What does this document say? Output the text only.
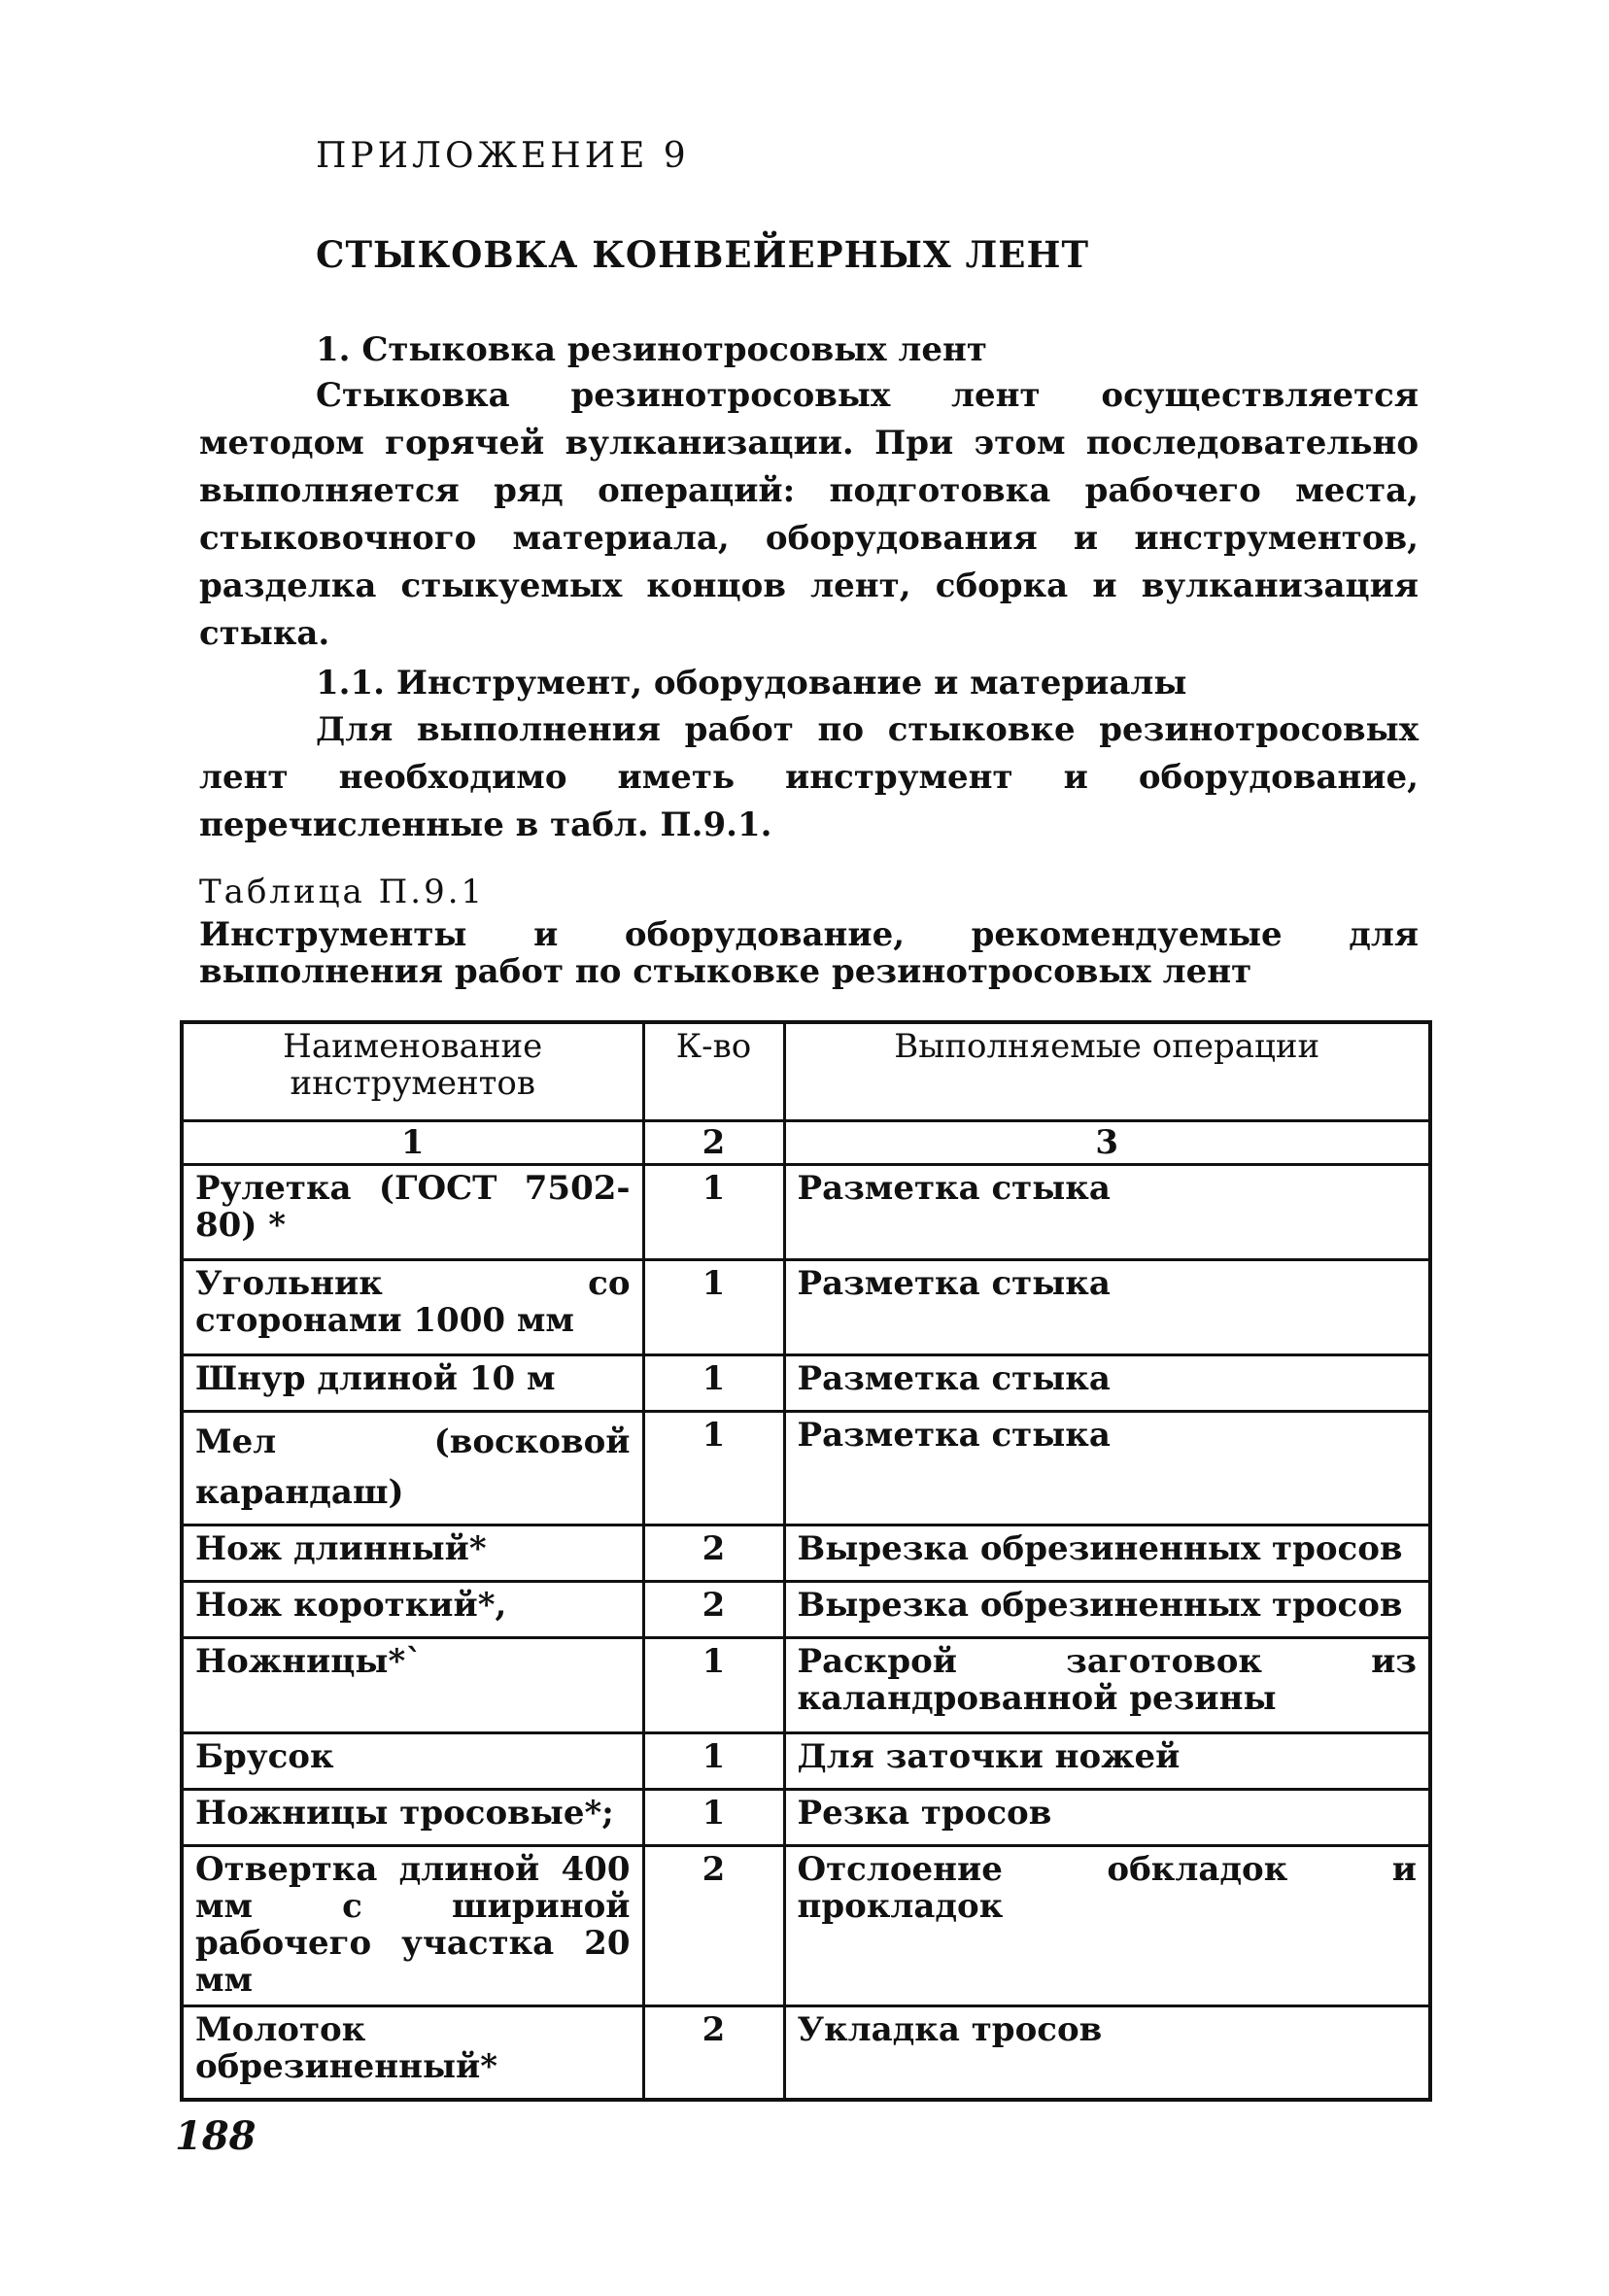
ПРИЛОЖЕНИЕ 9
СТЫКОВКА КОНВЕЙЕРНЫХ ЛЕНТ
1. Стыковка резинотросовых лент

Стыковка резинотросовых лент осуществляется методом горячей вулканизации. При этом последовательно выполняется ряд операций: подготовка рабочего места, стыковочного материала, оборудования и инструментов, разделка стыкуемых концов лент, сборка и вулканизация стыка.

1.1. Инструмент, оборудование и материалы

Для выполнения работ по стыковке резинотросовых лент необходимо иметь инструмент и оборудование, перечисленные в табл. П.9.1.

Таблица П.9.1

Инструменты и оборудование, рекомендуемые для выполнения работ по стыковке резинотросовых лент

Наименование инструментов	К-во	Выполняемые операции
1	2	3
Рулетка (ГОСТ 7502-80) *	1	Разметка стыка
Угольник со сторонами 1000 мм	1	Разметка стыка
Шнур длиной 10 м	1	Разметка стыка
Мел (восковой карандаш)	1	Разметка стыка
Нож длинный*	2	Вырезка обрезиненных тросов
Нож короткий*,	2	Вырезка обрезиненных тросов
Ножницы*`	1	Раскрой заготовок из каландрованной резины
Брусок	1	Для заточки ножей
Ножницы тросовые*;	1	Резка тросов
Отвертка длиной 400 мм с шириной рабочего участка 20 мм	2	Отслоение обкладок и прокладок
Молоток обрезиненный*	2	Укладка тросов
188
